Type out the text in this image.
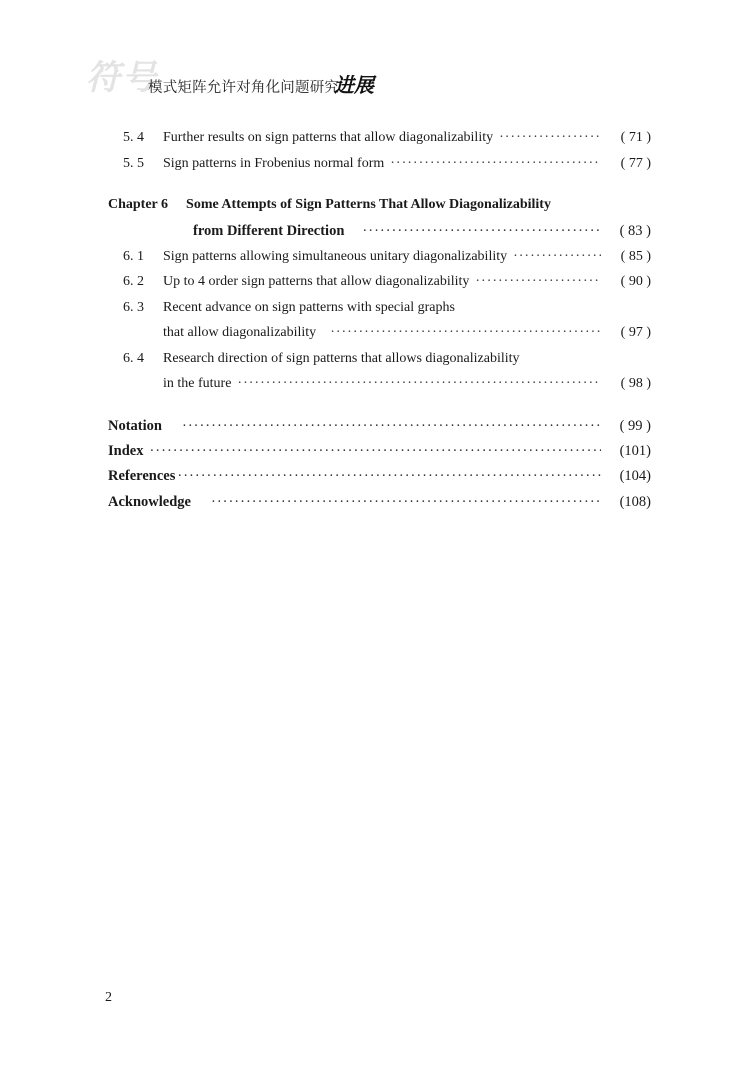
符号
模式矩阵允许对角化问题研究
进展
5. 4	Further results on sign patterns that allow diagonalizability ·····	( 71 )
5. 5	Sign patterns in Frobenius normal form ·····	( 77 )
Chapter 6 Some Attempts of Sign Patterns That Allow Diagonalizability
from Different Direction ·····	( 83 )
6. 1	Sign patterns allowing simultaneous unitary diagonalizability ·····	( 85 )
6. 2	Up to 4 order sign patterns that allow diagonalizability ·····	( 90 )
6. 3 Recent advance on sign patterns with special graphs
that allow diagonalizability ·····	( 97 )
6. 4 Research direction of sign patterns that allows diagonalizability
in the future ·····	( 98 )
Notation ·····	( 99 )
Index ·····	(101)
References ·····	(104)
Acknowledge ·····	(108)
2
